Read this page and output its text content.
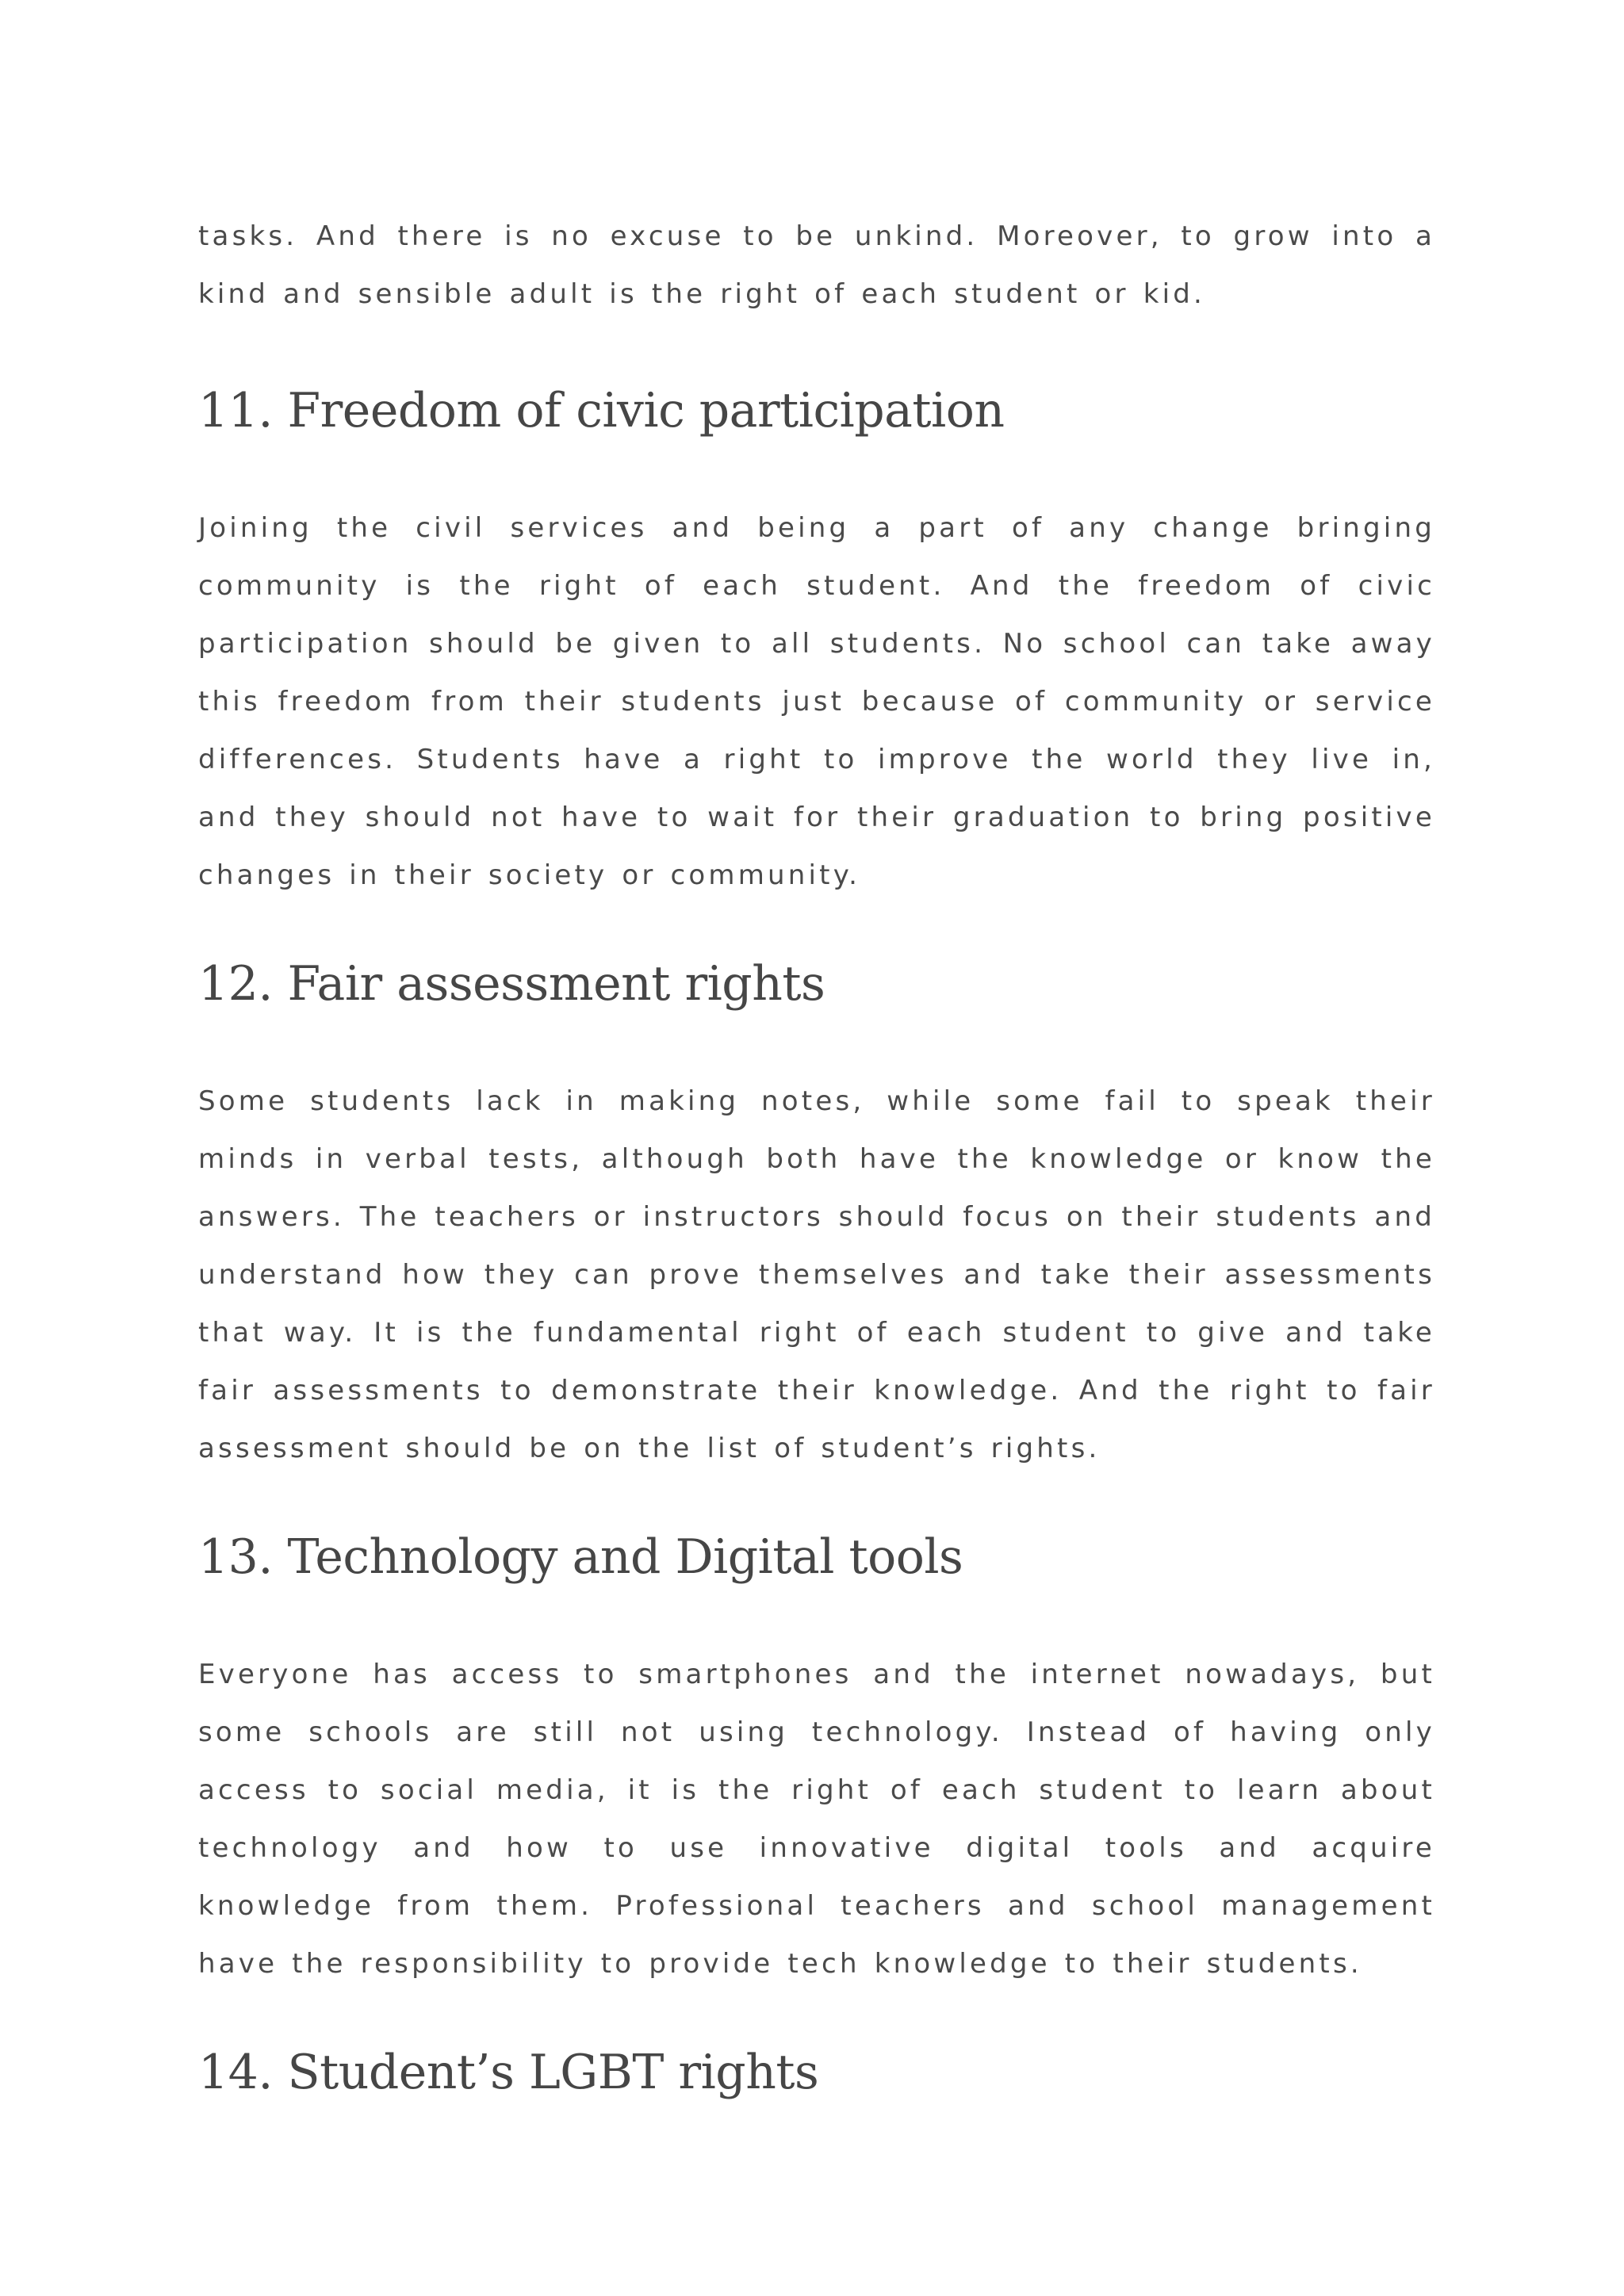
tasks. And there is no excuse to be unkind. Moreover, to grow into a kind and sensible adult is the right of each student or kid.

11. Freedom of civic participation

Joining the civil services and being a part of any change bringing community is the right of each student. And the freedom of civic participation should be given to all students. No school can take away this freedom from their students just because of community or service differences. Students have a right to improve the world they live in, and they should not have to wait for their graduation to bring positive changes in their society or community.

12. Fair assessment rights

Some students lack in making notes, while some fail to speak their minds in verbal tests, although both have the knowledge or know the answers. The teachers or instructors should focus on their students and understand how they can prove themselves and take their assessments that way. It is the fundamental right of each student to give and take fair assessments to demonstrate their knowledge. And the right to fair assessment should be on the list of student’s rights.

13. Technology and Digital tools

Everyone has access to smartphones and the internet nowadays, but some schools are still not using technology. Instead of having only access to social media, it is the right of each student to learn about technology and how to use innovative digital tools and acquire knowledge from them. Professional teachers and school management have the responsibility to provide tech knowledge to their students.

14. Student’s LGBT rights
